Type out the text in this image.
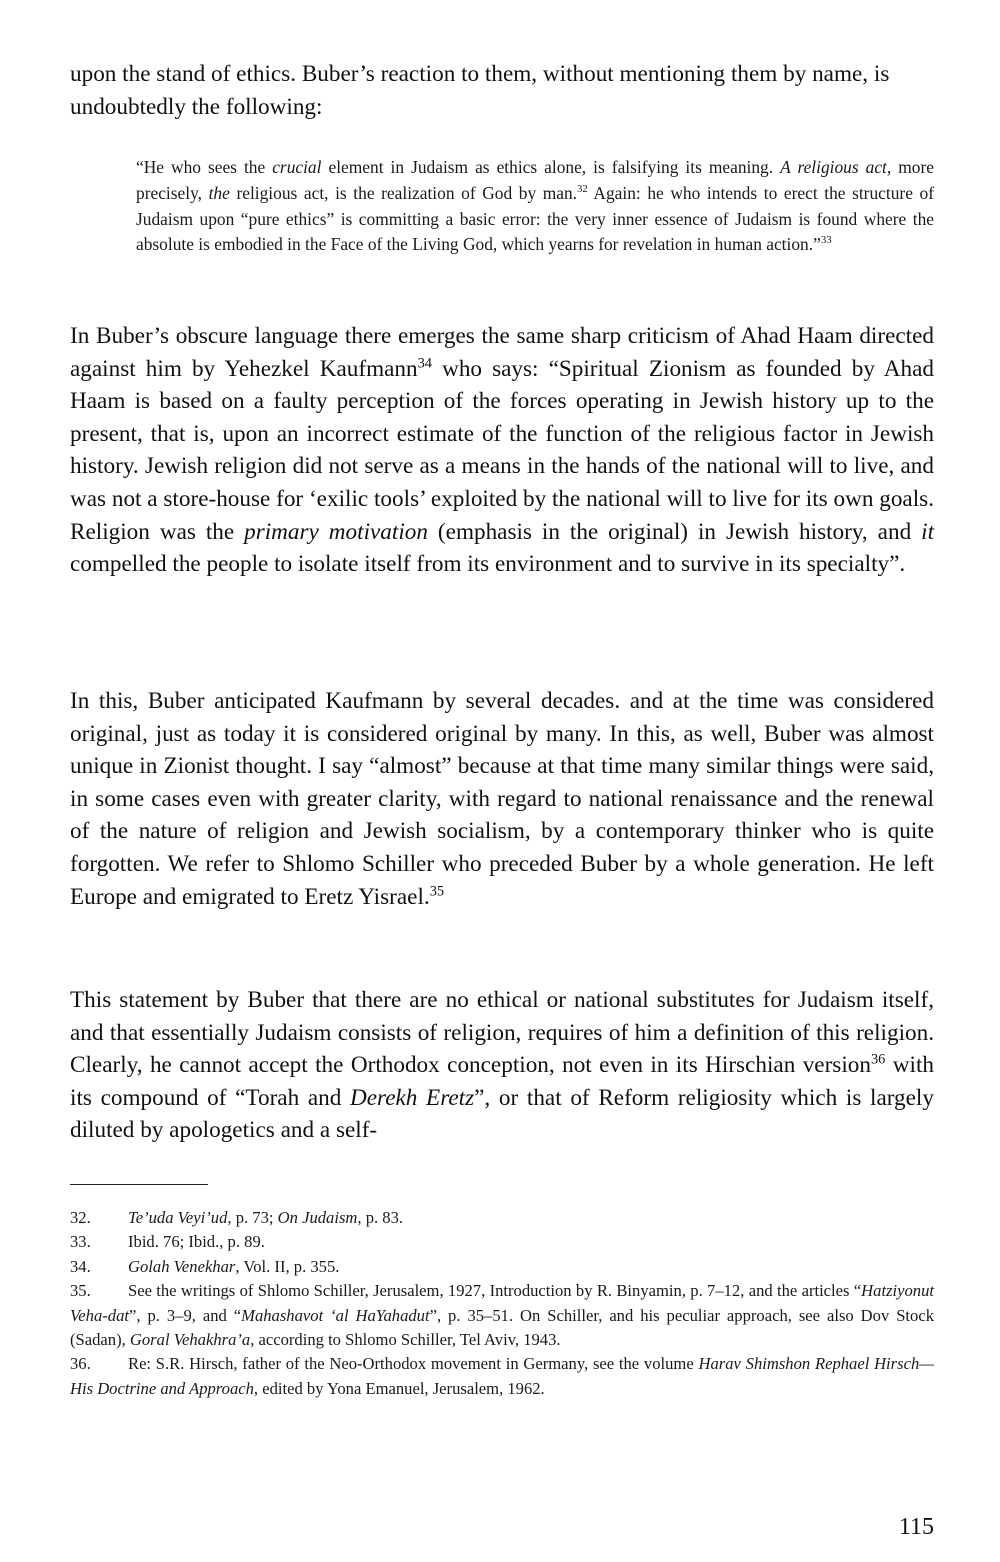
upon the stand of ethics. Buber’s reaction to them, without mentioning them by name, is undoubtedly the following:

“He who sees the crucial element in Judaism as ethics alone, is falsifying its meaning. A religious act, more precisely, the religious act, is the realization of God by man.$^{32}$ Again: he who intends to erect the structure of Judaism upon “pure ethics” is committing a basic error: the very inner essence of Judaism is found where the absolute is embodied in the Face of the Living God, which yearns for revelation in human action.”$^{33}$

In Buber’s obscure language there emerges the same sharp criticism of Ahad Haam directed against him by Yehezkel Kaufmann$^{34}$ who says: “Spiritual Zionism as founded by Ahad Haam is based on a faulty perception of the forces operating in Jewish history up to the present, that is, upon an incorrect estimate of the function of the religious factor in Jewish history. Jewish religion did not serve as a means in the hands of the national will to live, and was not a store-house for ‘exilic tools’ exploited by the national will to live for its own goals. Religion was the primary motivation (emphasis in the original) in Jewish history, and it compelled the people to isolate itself from its environment and to survive in its specialty”.

In this, Buber anticipated Kaufmann by several decades. and at the time was considered original, just as today it is considered original by many. In this, as well, Buber was almost unique in Zionist thought. I say “almost” because at that time many similar things were said, in some cases even with greater clarity, with regard to national renaissance and the renewal of the nature of religion and Jewish socialism, by a contemporary thinker who is quite forgotten. We refer to Shlomo Schiller who preceded Buber by a whole generation. He left Europe and emigrated to Eretz Yisrael.$^{35}$

This statement by Buber that there are no ethical or national substitutes for Judaism itself, and that essentially Judaism consists of religion, requires of him a definition of this religion. Clearly, he cannot accept the Orthodox conception, not even in its Hirschian version$^{36}$ with its compound of “Torah and Derekh Eretz”, or that of Reform religiosity which is largely diluted by apologetics and a self-

32. Te’uda Veyi’ud, p. 73; On Judaism, p. 83.

33. Ibid. 76; Ibid., p. 89.

34. Golah Venekhar, Vol. II, p. 355.

35. See the writings of Shlomo Schiller, Jerusalem, 1927, Introduction by R. Binyamin, p. 7–12, and the articles “Hatziyonut Veha-dat”, p. 3–9, and “Mahashavot ‘al HaYahadut”, p. 35–51. On Schiller, and his peculiar approach, see also Dov Stock (Sadan), Goral Vehakhra’a, according to Shlomo Schiller, Tel Aviv, 1943.

36. Re: S.R. Hirsch, father of the Neo-Orthodox movement in Germany, see the volume Harav Shimshon Rephael Hirsch—His Doctrine and Approach, edited by Yona Emanuel, Jerusalem, 1962.

115
